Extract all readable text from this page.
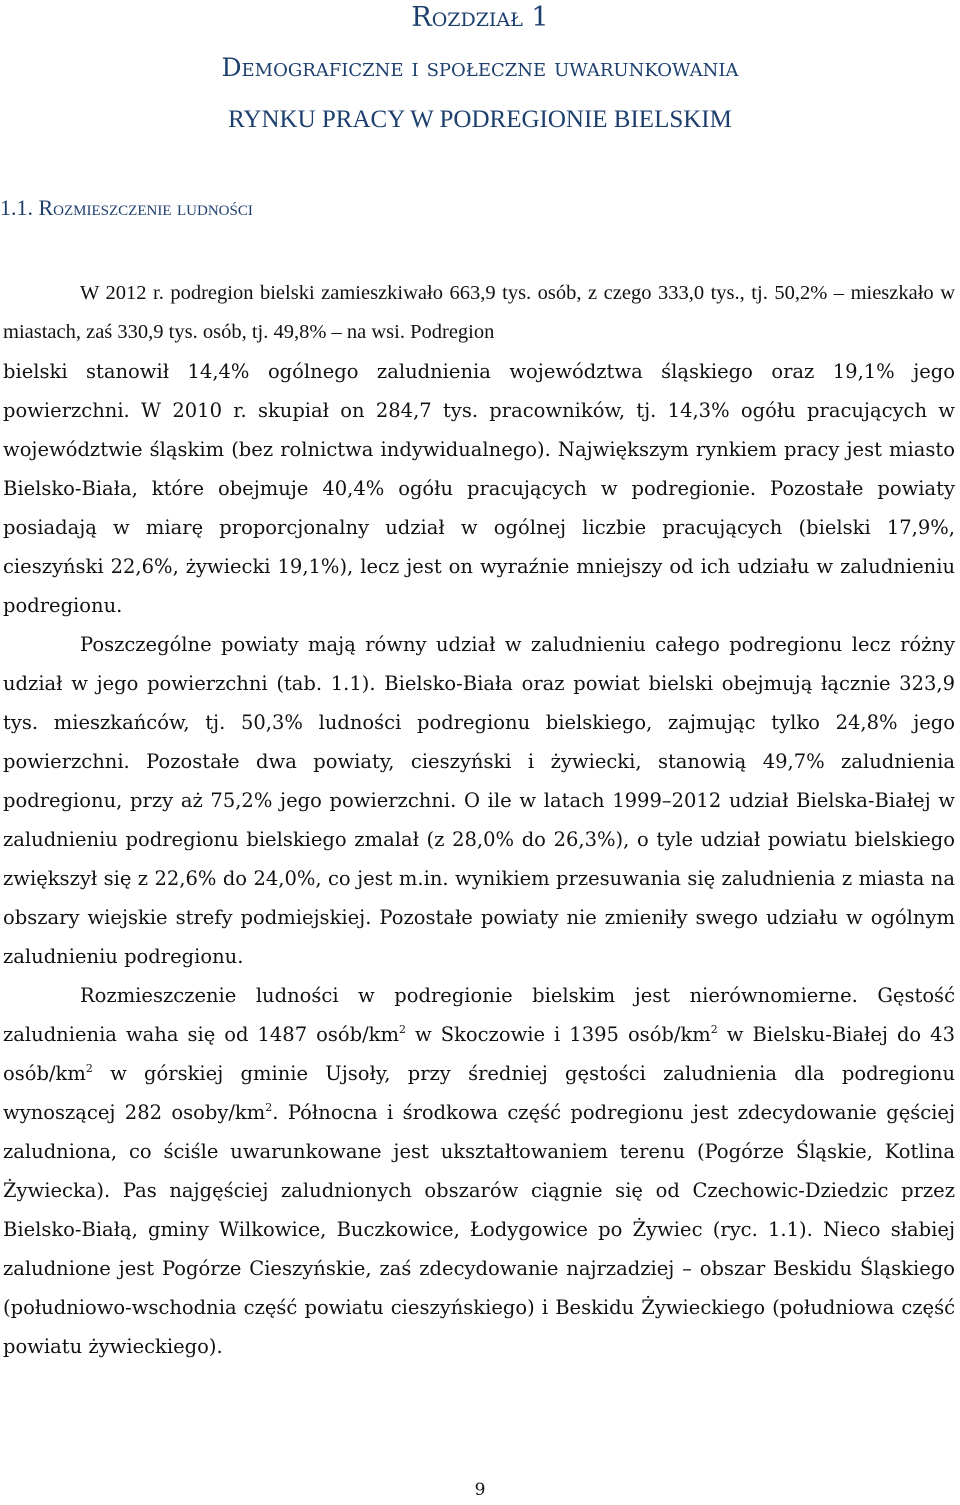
Rozdział 1
Demograficzne i społeczne uwarunkowania
RYNKU PRACY W PODREGIONIE BIELSKIM
1.1. Rozmieszczenie ludności

W 2012 r. podregion bielski zamieszkiwało 663,9 tys. osób, z czego 333,0 tys., tj. 50,2% – mieszkało w miastach, zaś 330,9 tys. osób, tj. 49,8% – na wsi. Podregion

bielski stanowił 14,4% ogólnego zaludnienia województwa śląskiego oraz 19,1% jego powierzchni. W 2010 r. skupiał on 284,7 tys. pracowników, tj. 14,3% ogółu pracujących w województwie śląskim (bez rolnictwa indywidualnego). Największym rynkiem pracy jest miasto Bielsko-Biała, które obejmuje 40,4% ogółu pracujących w podregionie. Pozostałe powiaty posiadają w miarę proporcjonalny udział w ogólnej liczbie pracujących (bielski 17,9%, cieszyński 22,6%, żywiecki 19,1%), lecz jest on wyraźnie mniejszy od ich udziału w zaludnieniu podregionu.

Poszczególne powiaty mają równy udział w zaludnieniu całego podregionu lecz różny udział w jego powierzchni (tab. 1.1). Bielsko-Biała oraz powiat bielski obejmują łącznie 323,9 tys. mieszkańców, tj. 50,3% ludności podregionu bielskiego, zajmując tylko 24,8% jego powierzchni. Pozostałe dwa powiaty, cieszyński i żywiecki, stanowią 49,7% zaludnienia podregionu, przy aż 75,2% jego powierzchni. O ile w latach 1999–2012 udział Bielska-Białej w zaludnieniu podregionu bielskiego zmalał (z 28,0% do 26,3%), o tyle udział powiatu bielskiego zwiększył się z 22,6% do 24,0%, co jest m.in. wynikiem przesuwania się zaludnienia z miasta na obszary wiejskie strefy podmiejskiej. Pozostałe powiaty nie zmieniły swego udziału w ogólnym zaludnieniu podregionu.

Rozmieszczenie ludności w podregionie bielskim jest nierównomierne. Gęstość zaludnienia waha się od 1487 osób/$km^2$ w Skoczowie i 1395 osób/$km^2$ w Bielsku-Białej do 43 osób/$km^2$ w górskiej gminie Ujsoły, przy średniej gęstości zaludnienia dla podregionu wynoszącej 282 osoby/$km^2$. Północna i środkowa część podregionu jest zdecydowanie gęściej zaludniona, co ściśle uwarunkowane jest ukształtowaniem terenu (Pogórze Śląskie, Kotlina Żywiecka). Pas najgęściej zaludnionych obszarów ciągnie się od Czechowic-Dziedzic przez Bielsko-Białą, gminy Wilkowice, Buczkowice, Łodygowice po Żywiec (ryc. 1.1). Nieco słabiej zaludnione jest Pogórze Cieszyńskie, zaś zdecydowanie najrzadziej – obszar Beskidu Śląskiego (południowo-wschodnia część powiatu cieszyńskiego) i Beskidu Żywieckiego (południowa część powiatu żywieckiego).

9
